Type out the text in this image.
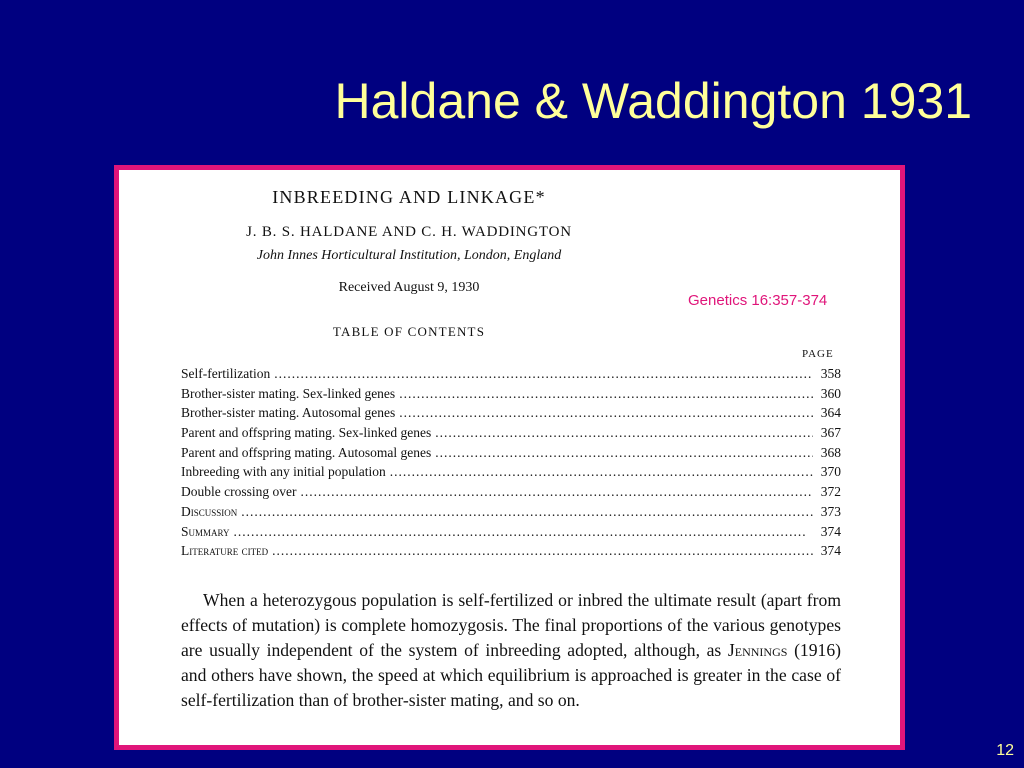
Haldane & Waddington 1931
INBREEDING AND LINKAGE*
J. B. S. HALDANE AND C. H. WADDINGTON
John Innes Horticultural Institution, London, England
Received August 9, 1930
Genetics 16:357-374
TABLE OF CONTENTS
PAGE
Self-fertilization .....	358
Brother-sister mating. Sex-linked genes .....	360
Brother-sister mating. Autosomal genes .....	364
Parent and offspring mating. Sex-linked genes .....	367
Parent and offspring mating. Autosomal genes .....	368
Inbreeding with any initial population .....	370
Double crossing over .....	372
Discussion .....	373
Summary .....	374
Literature cited .....	374
When a heterozygous population is self-fertilized or inbred the ultimate result (apart from effects of mutation) is complete homozygosis. The final proportions of the various genotypes are usually independent of the system of inbreeding adopted, although, as Jennings (1916) and others have shown, the speed at which equilibrium is approached is greater in the case of self-fertilization than of brother-sister mating, and so on.
12
